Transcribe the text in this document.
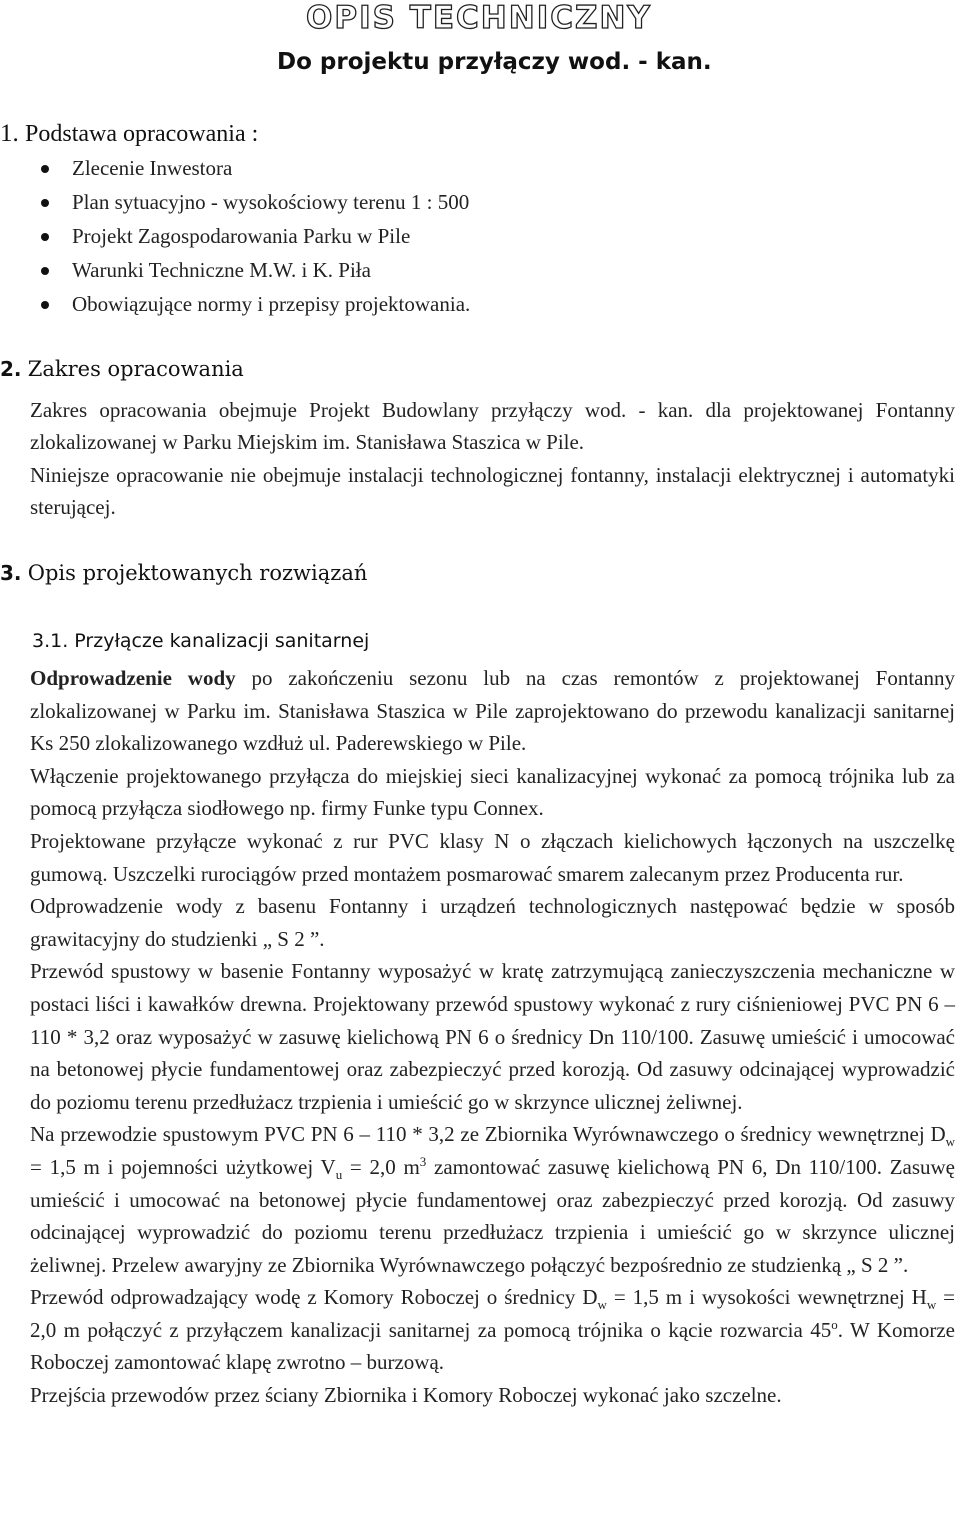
OPIS TECHNICZNY
Do projektu przyłączy wod. - kan.
1. Podstawa opracowania :
Zlecenie Inwestora
Plan sytuacyjno - wysokościowy terenu 1 : 500
Projekt Zagospodarowania Parku w Pile
Warunki Techniczne M.W. i K. Piła
Obowiązujące normy i przepisy projektowania.
2. Zakres opracowania

Zakres opracowania obejmuje Projekt Budowlany przyłączy wod. - kan. dla projektowanej Fontanny zlokalizowanej w Parku Miejskim im. Stanisława Staszica w Pile.

Niniejsze opracowanie nie obejmuje instalacji technologicznej fontanny, instalacji elektrycznej i automatyki sterującej.

3. Opis projektowanych rozwiązań
3.1. Przyłącze kanalizacji sanitarnej

Odprowadzenie wody po zakończeniu sezonu lub na czas remontów z projektowanej Fontanny zlokalizowanej w Parku im. Stanisława Staszica w Pile zaprojektowano do przewodu kanalizacji sanitarnej Ks 250 zlokalizowanego wzdłuż ul. Paderewskiego w Pile.

Włączenie projektowanego przyłącza do miejskiej sieci kanalizacyjnej wykonać za pomocą trójnika lub za pomocą przyłącza siodłowego np. firmy Funke typu Connex.

Projektowane przyłącze wykonać z rur PVC klasy N o złączach kielichowych łączonych na uszczelkę gumową. Uszczelki rurociągów przed montażem posmarować smarem zalecanym przez Producenta rur.

Odprowadzenie wody z basenu Fontanny i urządzeń technologicznych następować będzie w sposób grawitacyjny do studzienki „ S 2 ”.

Przewód spustowy w basenie Fontanny wyposażyć w kratę zatrzymującą zanieczyszczenia mechaniczne w postaci liści i kawałków drewna. Projektowany przewód spustowy wykonać z rury ciśnieniowej PVC PN 6 – 110 * 3,2 oraz wyposażyć w zasuwę kielichową PN 6 o średnicy Dn 110/100. Zasuwę umieścić i umocować na betonowej płycie fundamentowej oraz zabezpieczyć przed korozją. Od zasuwy odcinającej wyprowadzić do poziomu terenu przedłużacz trzpienia i umieścić go w skrzynce ulicznej żeliwnej.

Na przewodzie spustowym PVC PN 6 – 110 * 3,2 ze Zbiornika Wyrównawczego o średnicy wewnętrznej $D_w = 1,5$ m i pojemności użytkowej $V_u = 2,0$ $m^3$ zamontować zasuwę kielichową PN 6, Dn 110/100. Zasuwę umieścić i umocować na betonowej płycie fundamentowej oraz zabezpieczyć przed korozją. Od zasuwy odcinającej wyprowadzić do poziomu terenu przedłużacz trzpienia i umieścić go w skrzynce ulicznej żeliwnej. Przelew awaryjny ze Zbiornika Wyrównawczego połączyć bezpośrednio ze studzienką „ S 2 ”.

Przewód odprowadzający wodę z Komory Roboczej o średnicy $D_w = 1,5$ m i wysokości wewnętrznej $H_w = 2,0$ m połączyć z przyłączem kanalizacji sanitarnej za pomocą trójnika o kącie rozwarcia 45$^o$. W Komorze Roboczej zamontować klapę zwrotno – burzową.

Przejścia przewodów przez ściany Zbiornika i Komory Roboczej wykonać jako szczelne.
